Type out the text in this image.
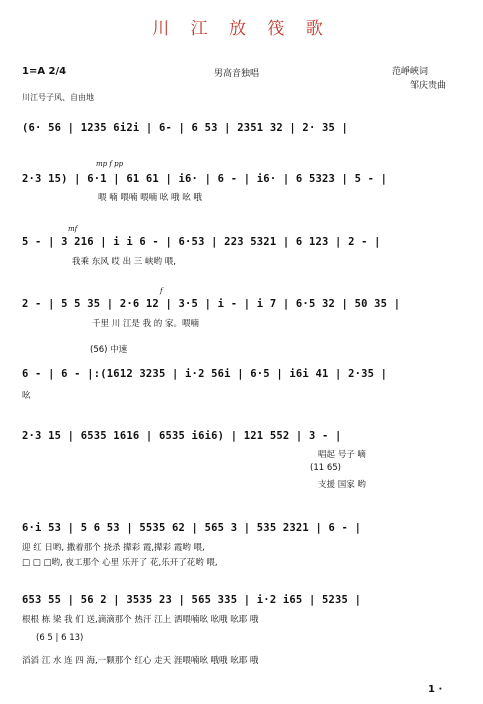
川 江 放 筏 歌
1=A 2/4	男高音独唱	范崢峽词
邹庆贵曲
川江号子风、自由地
(6· 56 | 1235 6i2i | 6- | 6 53 | 2351 32 | 2· 35 |
mp f pp
2·3 15) | 6·1 | 61 61 | i6· | 6 - | i6· | 6 5323 | 5 - |
喂 喃 喂喃 喂喃 吆 哦 吆 哦
mf
5 - | 3 216 | i i 6 - | 6·53 | 223 5321 | 6 123 | 2 - |
我乘 东风 哎 出 三 峡哟 喂,
f
2 - | 5 5 35 | 2·6 12 | 3·5 | i - | i 7 | 6·5 32 | 50 35 |
千里 川 江是 我 的 家。喂喃
(56) 中速
6 - | 6 - |:(1612 3235 | i·2 56i | 6·5 | i6i 41 | 2·35 |
吆
2·3 15 | 6535 1616 | 6535 i6i6) | 121 552 | 3 - |
唱起 号子 嘀
(11 65)
支援 国家 哟
6·i 53 | 5 6 53 | 5535 62 | 565 3 | 535 2321 | 6 - |
迎 红 日哟, 撒着那个 挠杀 撵彩 霞,撵彩 霞哟 喂,
□ □ □哟, 夜工那个 心里 乐开了 花,乐开了花哟 喂,
653 55 | 56 2 | 3535 23 | 565 335 | i·2 i65 | 5235 |
根根 栋 梁 我 们 送,滴滴那个 热汗 江上 洒喂喃吆 吆哦 吆耶 哦
(6 5 | 6 13)
滔滔 江 水 连 四 海,一颗那个 红心 走天 涯喂喃吆 哦哦 吆耶 哦
1 ·
